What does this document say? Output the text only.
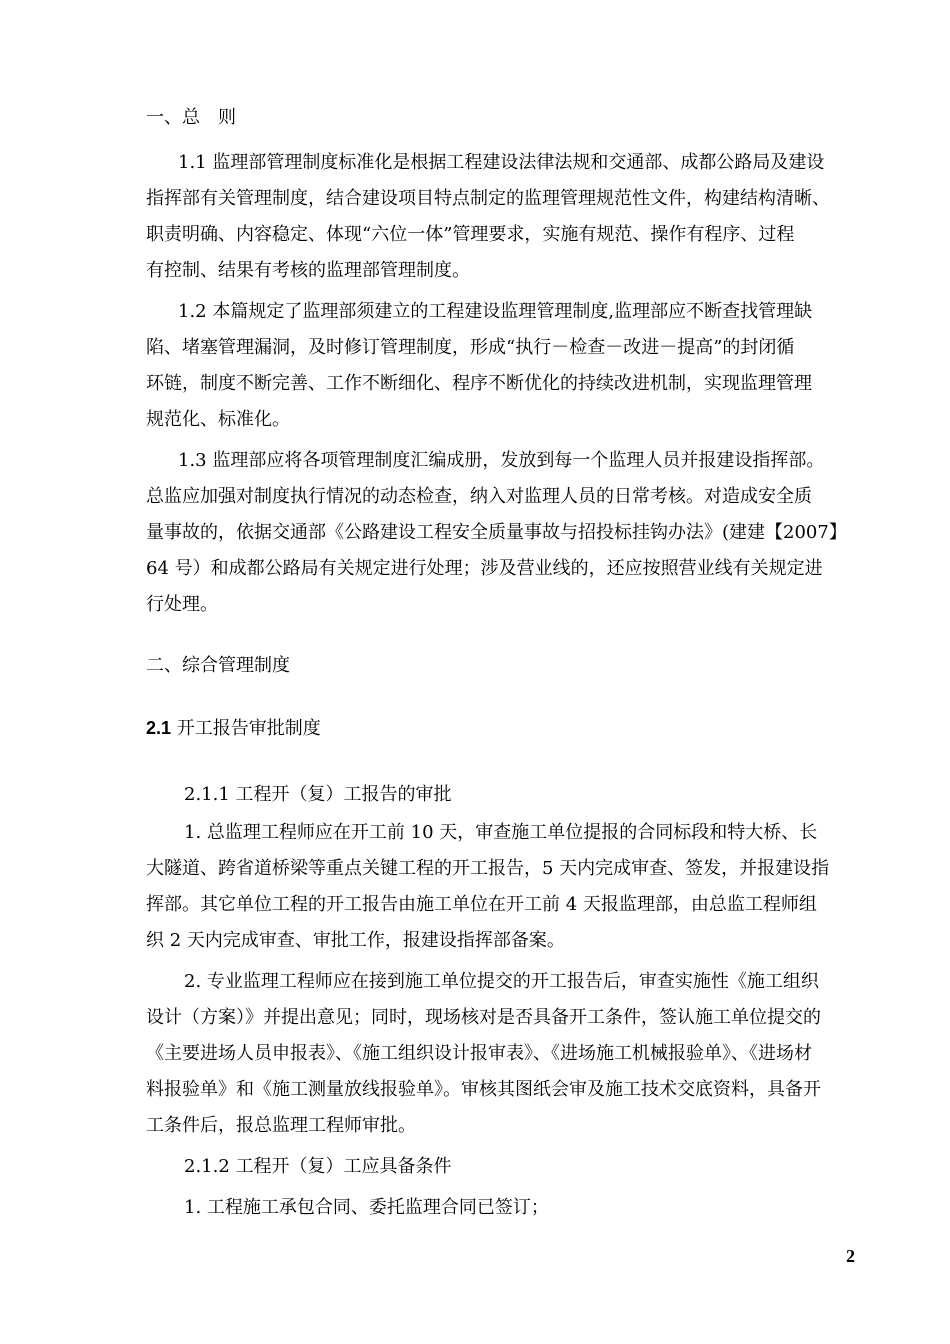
一、总　则
1.1 监理部管理制度标准化是根据工程建设法律法规和交通部、成都公路局及建设
指挥部有关管理制度，结合建设项目特点制定的监理管理规范性文件，构建结构清晰、
职责明确、内容稳定、体现“六位一体”管理要求，实施有规范、操作有程序、过程
有控制、结果有考核的监理部管理制度。
1.2 本篇规定了监理部须建立的工程建设监理管理制度,监理部应不断查找管理缺
陷、堵塞管理漏洞，及时修订管理制度，形成“执行－检查－改进－提高”的封闭循
环链，制度不断完善、工作不断细化、程序不断优化的持续改进机制，实现监理管理
规范化、标准化。
1.3 监理部应将各项管理制度汇编成册，发放到每一个监理人员并报建设指挥部。
总监应加强对制度执行情况的动态检查，纳入对监理人员的日常考核。对造成安全质
量事故的，依据交通部《公路建设工程安全质量事故与招投标挂钩办法》(建建【2007】
64 号）和成都公路局有关规定进行处理；涉及营业线的，还应按照营业线有关规定进
行处理。
二、综合管理制度
2.1 开工报告审批制度
2.1.1 工程开（复）工报告的审批
1. 总监理工程师应在开工前 10 天，审查施工单位提报的合同标段和特大桥、长
大隧道、跨省道桥梁等重点关键工程的开工报告，5 天内完成审查、签发，并报建设指
挥部。其它单位工程的开工报告由施工单位在开工前 4 天报监理部，由总监工程师组
织 2 天内完成审查、审批工作，报建设指挥部备案。
2. 专业监理工程师应在接到施工单位提交的开工报告后，审查实施性《施工组织
设计（方案）》并提出意见；同时，现场核对是否具备开工条件，签认施工单位提交的
《主要进场人员申报表》、《施工组织设计报审表》、《进场施工机械报验单》、《进场材
料报验单》和《施工测量放线报验单》。审核其图纸会审及施工技术交底资料，具备开
工条件后，报总监理工程师审批。
2.1.2 工程开（复）工应具备条件
1. 工程施工承包合同、委托监理合同已签订；
2
